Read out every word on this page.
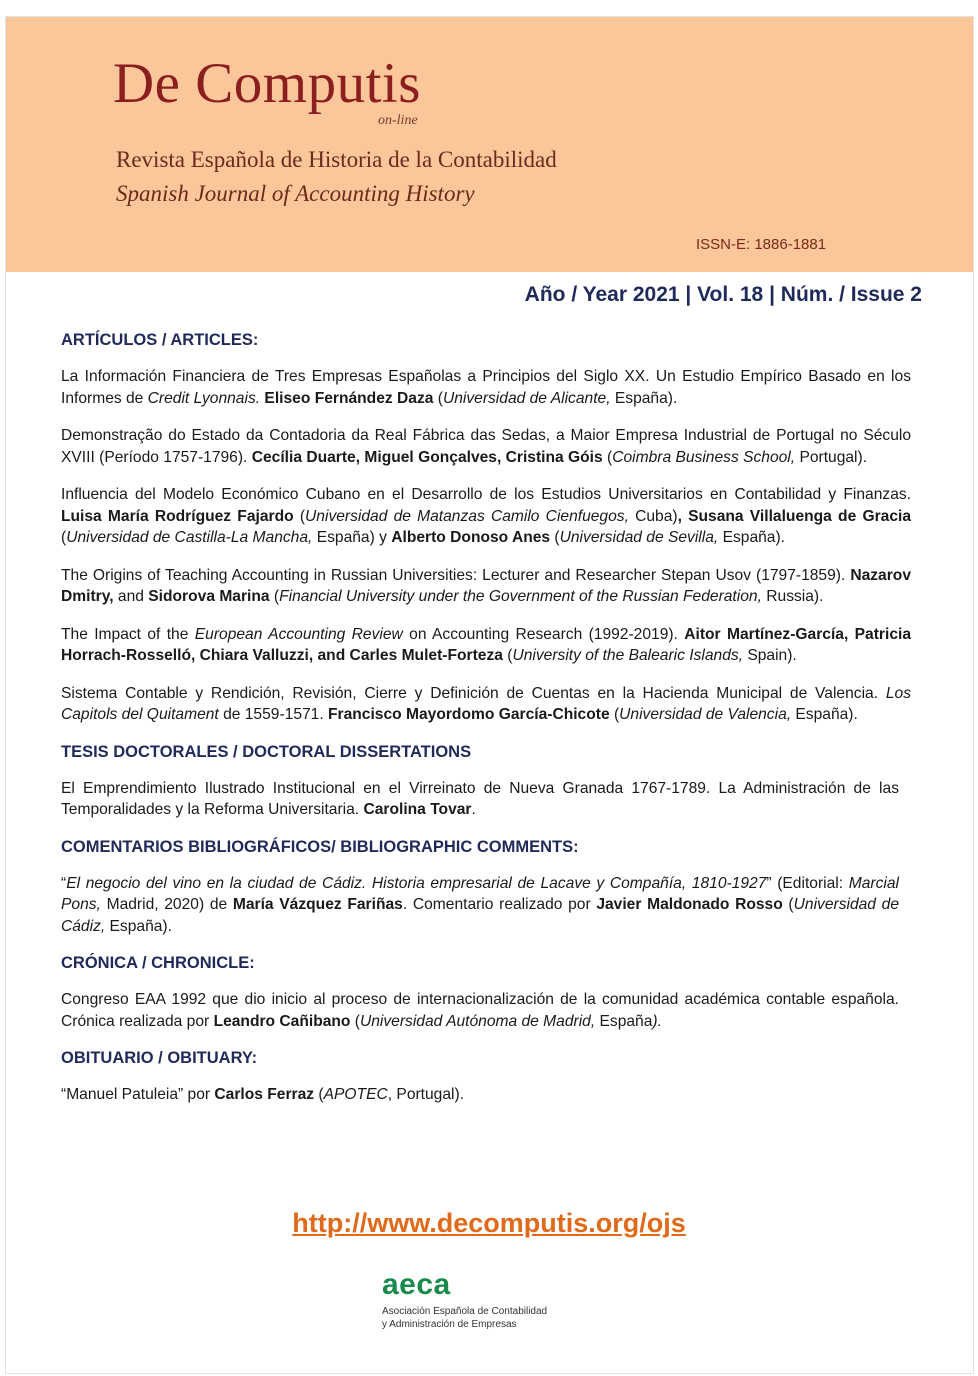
De Computis
on-line
Revista Española de Historia de la Contabilidad
Spanish Journal of Accounting History
ISSN-E: 1886-1881
Año / Year 2021 | Vol. 18 | Núm. / Issue 2
ARTÍCULOS / ARTICLES:
La Información Financiera de Tres Empresas Españolas a Principios del Siglo XX. Un Estudio Empírico Basado en los Informes de Credit Lyonnais. Eliseo Fernández Daza (Universidad de Alicante, España).
Demonstração do Estado da Contadoria da Real Fábrica das Sedas, a Maior Empresa Industrial de Portugal no Século XVIII (Período 1757-1796). Cecília Duarte, Miguel Gonçalves, Cristina Góis (Coimbra Business School, Portugal).
Influencia del Modelo Económico Cubano en el Desarrollo de los Estudios Universitarios en Contabilidad y Finanzas. Luisa María Rodríguez Fajardo (Universidad de Matanzas Camilo Cienfuegos, Cuba), Susana Villaluenga de Gracia (Universidad de Castilla-La Mancha, España) y Alberto Donoso Anes (Universidad de Sevilla, España).
The Origins of Teaching Accounting in Russian Universities: Lecturer and Researcher Stepan Usov (1797-1859). Nazarov Dmitry, and Sidorova Marina (Financial University under the Government of the Russian Federation, Russia).
The Impact of the European Accounting Review on Accounting Research (1992-2019). Aitor Martínez-García, Patricia Horrach-Rosselló, Chiara Valluzzi, and Carles Mulet-Forteza (University of the Balearic Islands, Spain).
Sistema Contable y Rendición, Revisión, Cierre y Definición de Cuentas en la Hacienda Municipal de Valencia. Los Capitols del Quitament de 1559-1571. Francisco Mayordomo García-Chicote (Universidad de Valencia, España).
TESIS DOCTORALES / DOCTORAL DISSERTATIONS
El Emprendimiento Ilustrado Institucional en el Virreinato de Nueva Granada 1767-1789. La Administración de las Temporalidades y la Reforma Universitaria. Carolina Tovar.
COMENTARIOS BIBLIOGRÁFICOS/ BIBLIOGRAPHIC COMMENTS:
“El negocio del vino en la ciudad de Cádiz. Historia empresarial de Lacave y Compañía, 1810-1927” (Editorial: Marcial Pons, Madrid, 2020) de María Vázquez Fariñas. Comentario realizado por Javier Maldonado Rosso (Universidad de Cádiz, España).
CRÓNICA / CHRONICLE:
Congreso EAA 1992 que dio inicio al proceso de internacionalización de la comunidad académica contable española. Crónica realizada por Leandro Cañibano (Universidad Autónoma de Madrid, España).
OBITUARIO / OBITUARY:
“Manuel Patuleia” por Carlos Ferraz (APOTEC, Portugal).
http://www.decomputis.org/ojs
aeca
Asociación Española de Contabilidad
y Administración de Empresas
